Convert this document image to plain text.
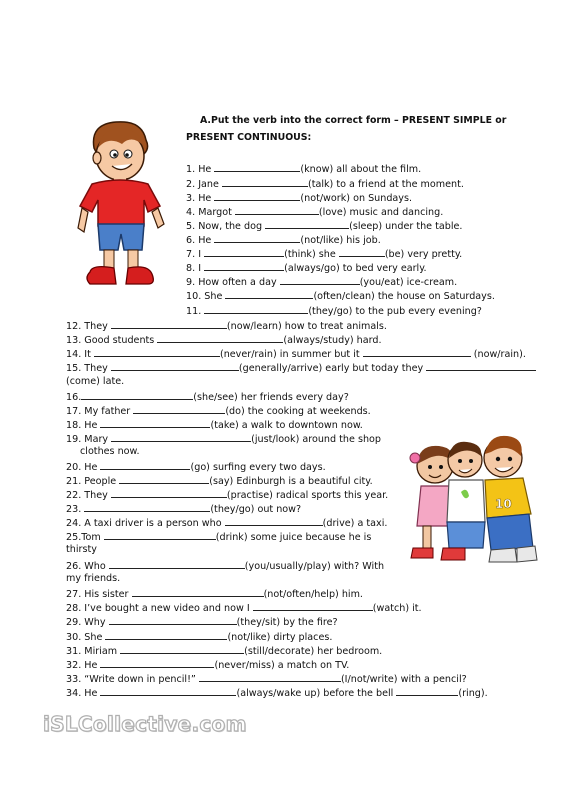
A.Put the verb into the correct form – PRESENT SIMPLE or
PRESENT CONTINUOUS:
1. He	(know) all about the film.
2. Jane	(talk) to a friend at the moment.
3. He	(not/work) on Sundays.
4. Margot	(love) music and dancing.
5. Now, the dog	(sleep) under the table.
6. He	(not/like) his job.
7. I	(think) she	(be) very pretty.
8. I	(always/go) to bed very early.
9. How often a day	(you/eat) ice-cream.
10. She	(often/clean) the house on Saturdays.
11.	(they/go) to the pub every evening?
12. They	(now/learn) how to treat animals.
13. Good students	(always/study) hard.
14. It	(never/rain) in summer but it	(now/rain).
15. They	(generally/arrive) early but today they
(come) late.
16.	(she/see) her friends every day?
17. My father	(do) the cooking at weekends.
18. He	(take) a walk to downtown now.
19. Mary	(just/look) around the shop
clothes now.
20. He	(go) surfing every two days.
21. People	(say) Edinburgh is a beautiful city.
22. They	(practise) radical sports this year.
23.	(they/go) out now?
24. A taxi driver is a person who	(drive) a taxi.
25.Tom	(drink) some juice because he is
thirsty
26. Who	(you/usually/play) with? With
my friends.
27. His sister	(not/often/help) him.
28. I’ve bought a new video and now I	(watch) it.
29. Why	(they/sit) by the fire?
30. She	(not/like) dirty places.
31. Miriam	(still/decorate) her bedroom.
32. He	(never/miss) a match on TV.
33. “Write down in pencil!”	(I/not/write) with a pencil?
34. He	(always/wake up) before the bell	(ring).
10
iSLCollective.com
